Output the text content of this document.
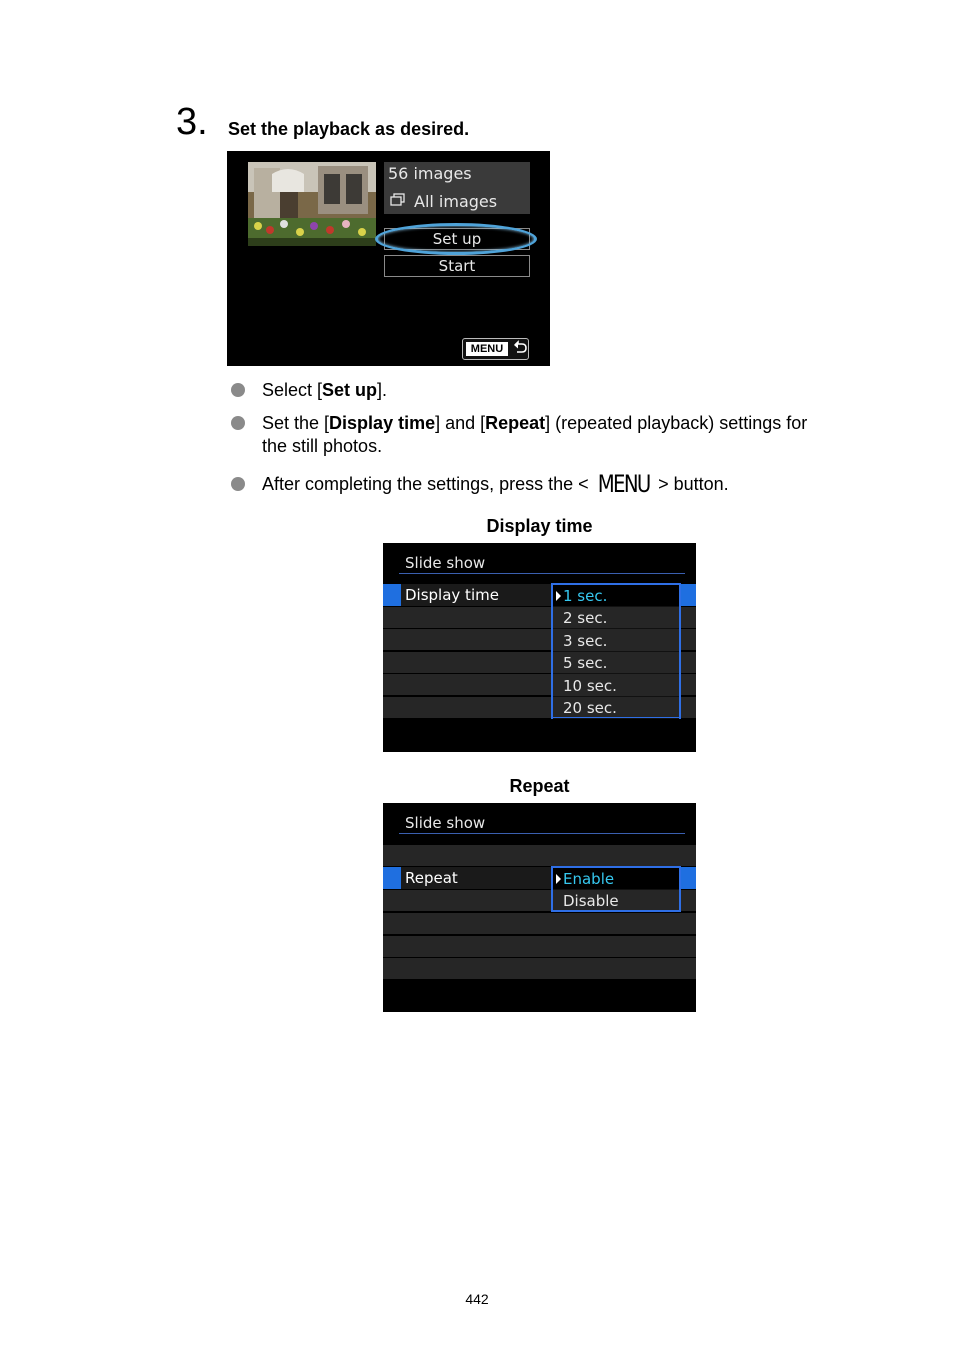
3. Set the playback as desired.
56 images
All images
Set up
Start
MENU
Select [Set up].
Set the [Display time] and [Repeat] (repeated playback) settings for
the still photos.
After completing the settings, press the < MENU > button.
Display time
Slide show
Display time	1 sec.
2 sec.
3 sec.
5 sec.
10 sec.
20 sec.
Repeat
Slide show
Repeat	Enable
Disable
442
